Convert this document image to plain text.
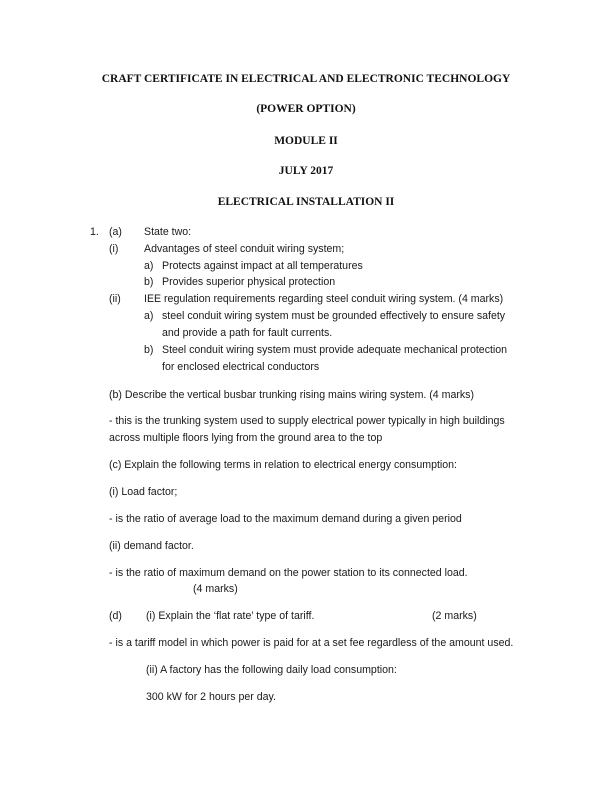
CRAFT CERTIFICATE IN ELECTRICAL AND ELECTRONIC TECHNOLOGY
(POWER OPTION)
MODULE II
JULY 2017
ELECTRICAL INSTALLATION II
1. (a) State two:
(i) Advantages of steel conduit wiring system;
a) Protects against impact at all temperatures
b) Provides superior physical protection
(ii) IEE regulation requirements regarding steel conduit wiring system. (4 marks)
a) steel conduit wiring system must be grounded effectively to ensure safety
and provide a path for fault currents.
b) Steel conduit wiring system must provide adequate mechanical protection
for enclosed electrical conductors
(b) Describe the vertical busbar trunking rising mains wiring system. (4 marks)
- this is the trunking system used to supply electrical power typically in high buildings
across multiple floors lying from the ground area to the top
(c) Explain the following terms in relation to electrical energy consumption:
(i) Load factor;
- is the ratio of average load to the maximum demand during a given period
(ii) demand factor.
- is the ratio of maximum demand on the power station to its connected load.
(4 marks)
(d) (i) Explain the ‘flat rate’ type of tariff.	(2 marks)
- is a tariff model in which power is paid for at a set fee regardless of the amount used.
(ii) A factory has the following daily load consumption:
300 kW for 2 hours per day.
